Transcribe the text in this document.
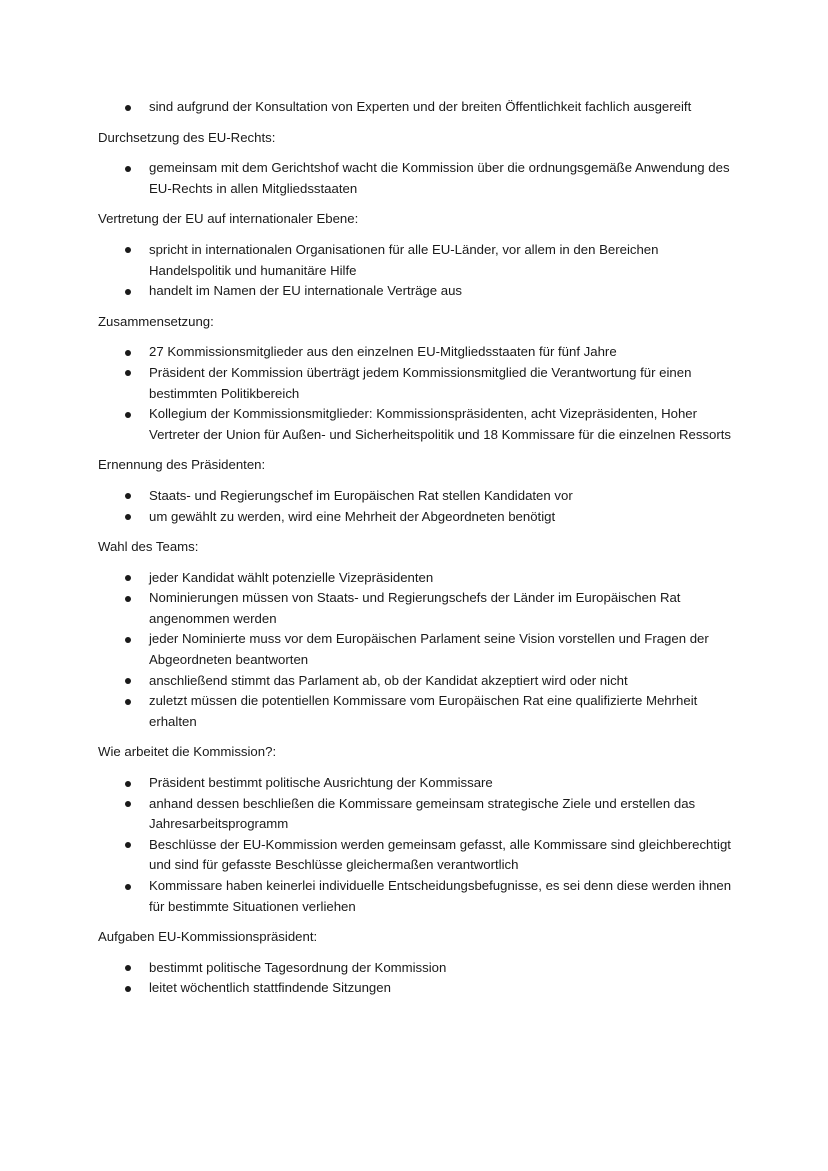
sind aufgrund der Konsultation von Experten und der breiten Öffentlichkeit fachlich ausgereift
Durchsetzung des EU-Rechts:
gemeinsam mit dem Gerichtshof wacht die Kommission über die ordnungsgemäße Anwendung des EU-Rechts in allen Mitgliedsstaaten
Vertretung der EU auf internationaler Ebene:
spricht in internationalen Organisationen für alle EU-Länder, vor allem in den Bereichen Handelspolitik und humanitäre Hilfe
handelt im Namen der EU internationale Verträge aus
Zusammensetzung:
27 Kommissionsmitglieder aus den einzelnen EU-Mitgliedsstaaten für fünf Jahre
Präsident der Kommission überträgt jedem Kommissionsmitglied die Verantwortung für einen bestimmten Politikbereich
Kollegium der Kommissionsmitglieder: Kommissionspräsidenten, acht Vizepräsidenten, Hoher Vertreter der Union für Außen- und Sicherheitspolitik und 18 Kommissare für die einzelnen Ressorts
Ernennung des Präsidenten:
Staats- und Regierungschef im Europäischen Rat stellen Kandidaten vor
um gewählt zu werden, wird eine Mehrheit der Abgeordneten benötigt
Wahl des Teams:
jeder Kandidat wählt potenzielle Vizepräsidenten
Nominierungen müssen von Staats- und Regierungschefs der Länder im Europäischen Rat angenommen werden
jeder Nominierte muss vor dem Europäischen Parlament seine Vision vorstellen und Fragen der Abgeordneten beantworten
anschließend stimmt das Parlament ab, ob der Kandidat akzeptiert wird oder nicht
zuletzt müssen die potentiellen Kommissare vom Europäischen Rat eine qualifizierte Mehrheit erhalten
Wie arbeitet die Kommission?:
Präsident bestimmt politische Ausrichtung der Kommissare
anhand dessen beschließen die Kommissare gemeinsam strategische Ziele und erstellen das Jahresarbeitsprogramm
Beschlüsse der EU-Kommission werden gemeinsam gefasst, alle Kommissare sind gleichberechtigt und sind für gefasste Beschlüsse gleichermaßen verantwortlich
Kommissare haben keinerlei individuelle Entscheidungsbefugnisse, es sei denn diese werden ihnen für bestimmte Situationen verliehen
Aufgaben EU-Kommissionspräsident:
bestimmt politische Tagesordnung der Kommission
leitet wöchentlich stattfindende Sitzungen
